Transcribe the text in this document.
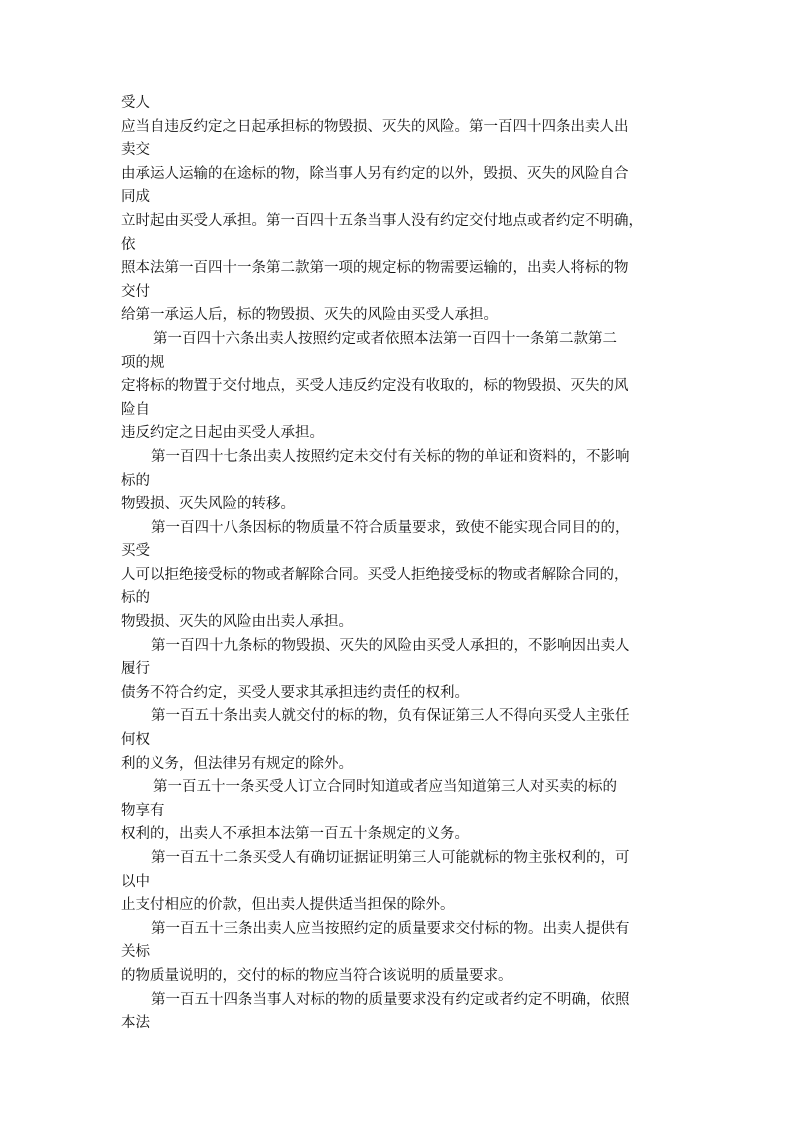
受人
应当自违反约定之日起承担标的物毁损、灭失的风险。第一百四十四条出卖人出
卖交
由承运人运输的在途标的物，除当事人另有约定的以外，毁损、灭失的风险自合
同成
立时起由买受人承担。第一百四十五条当事人没有约定交付地点或者约定不明确，
依
照本法第一百四十一条第二款第一项的规定标的物需要运输的，出卖人将标的物
交付
给第一承运人后，标的物毁损、灭失的风险由买受人承担。
第一百四十六条出卖人按照约定或者依照本法第一百四十一条第二款第二
项的规
定将标的物置于交付地点，买受人违反约定没有收取的，标的物毁损、灭失的风
险自
违反约定之日起由买受人承担。
第一百四十七条出卖人按照约定未交付有关标的物的单证和资料的，不影响
标的
物毁损、灭失风险的转移。
第一百四十八条因标的物质量不符合质量要求，致使不能实现合同目的的，
买受
人可以拒绝接受标的物或者解除合同。买受人拒绝接受标的物或者解除合同的，
标的
物毁损、灭失的风险由出卖人承担。
第一百四十九条标的物毁损、灭失的风险由买受人承担的，不影响因出卖人
履行
债务不符合约定，买受人要求其承担违约责任的权利。
第一百五十条出卖人就交付的标的物，负有保证第三人不得向买受人主张任
何权
利的义务，但法律另有规定的除外。
第一百五十一条买受人订立合同时知道或者应当知道第三人对买卖的标的
物享有
权利的，出卖人不承担本法第一百五十条规定的义务。
第一百五十二条买受人有确切证据证明第三人可能就标的物主张权利的，可
以中
止支付相应的价款，但出卖人提供适当担保的除外。
第一百五十三条出卖人应当按照约定的质量要求交付标的物。出卖人提供有
关标
的物质量说明的，交付的标的物应当符合该说明的质量要求。
第一百五十四条当事人对标的物的质量要求没有约定或者约定不明确，依照
本法
